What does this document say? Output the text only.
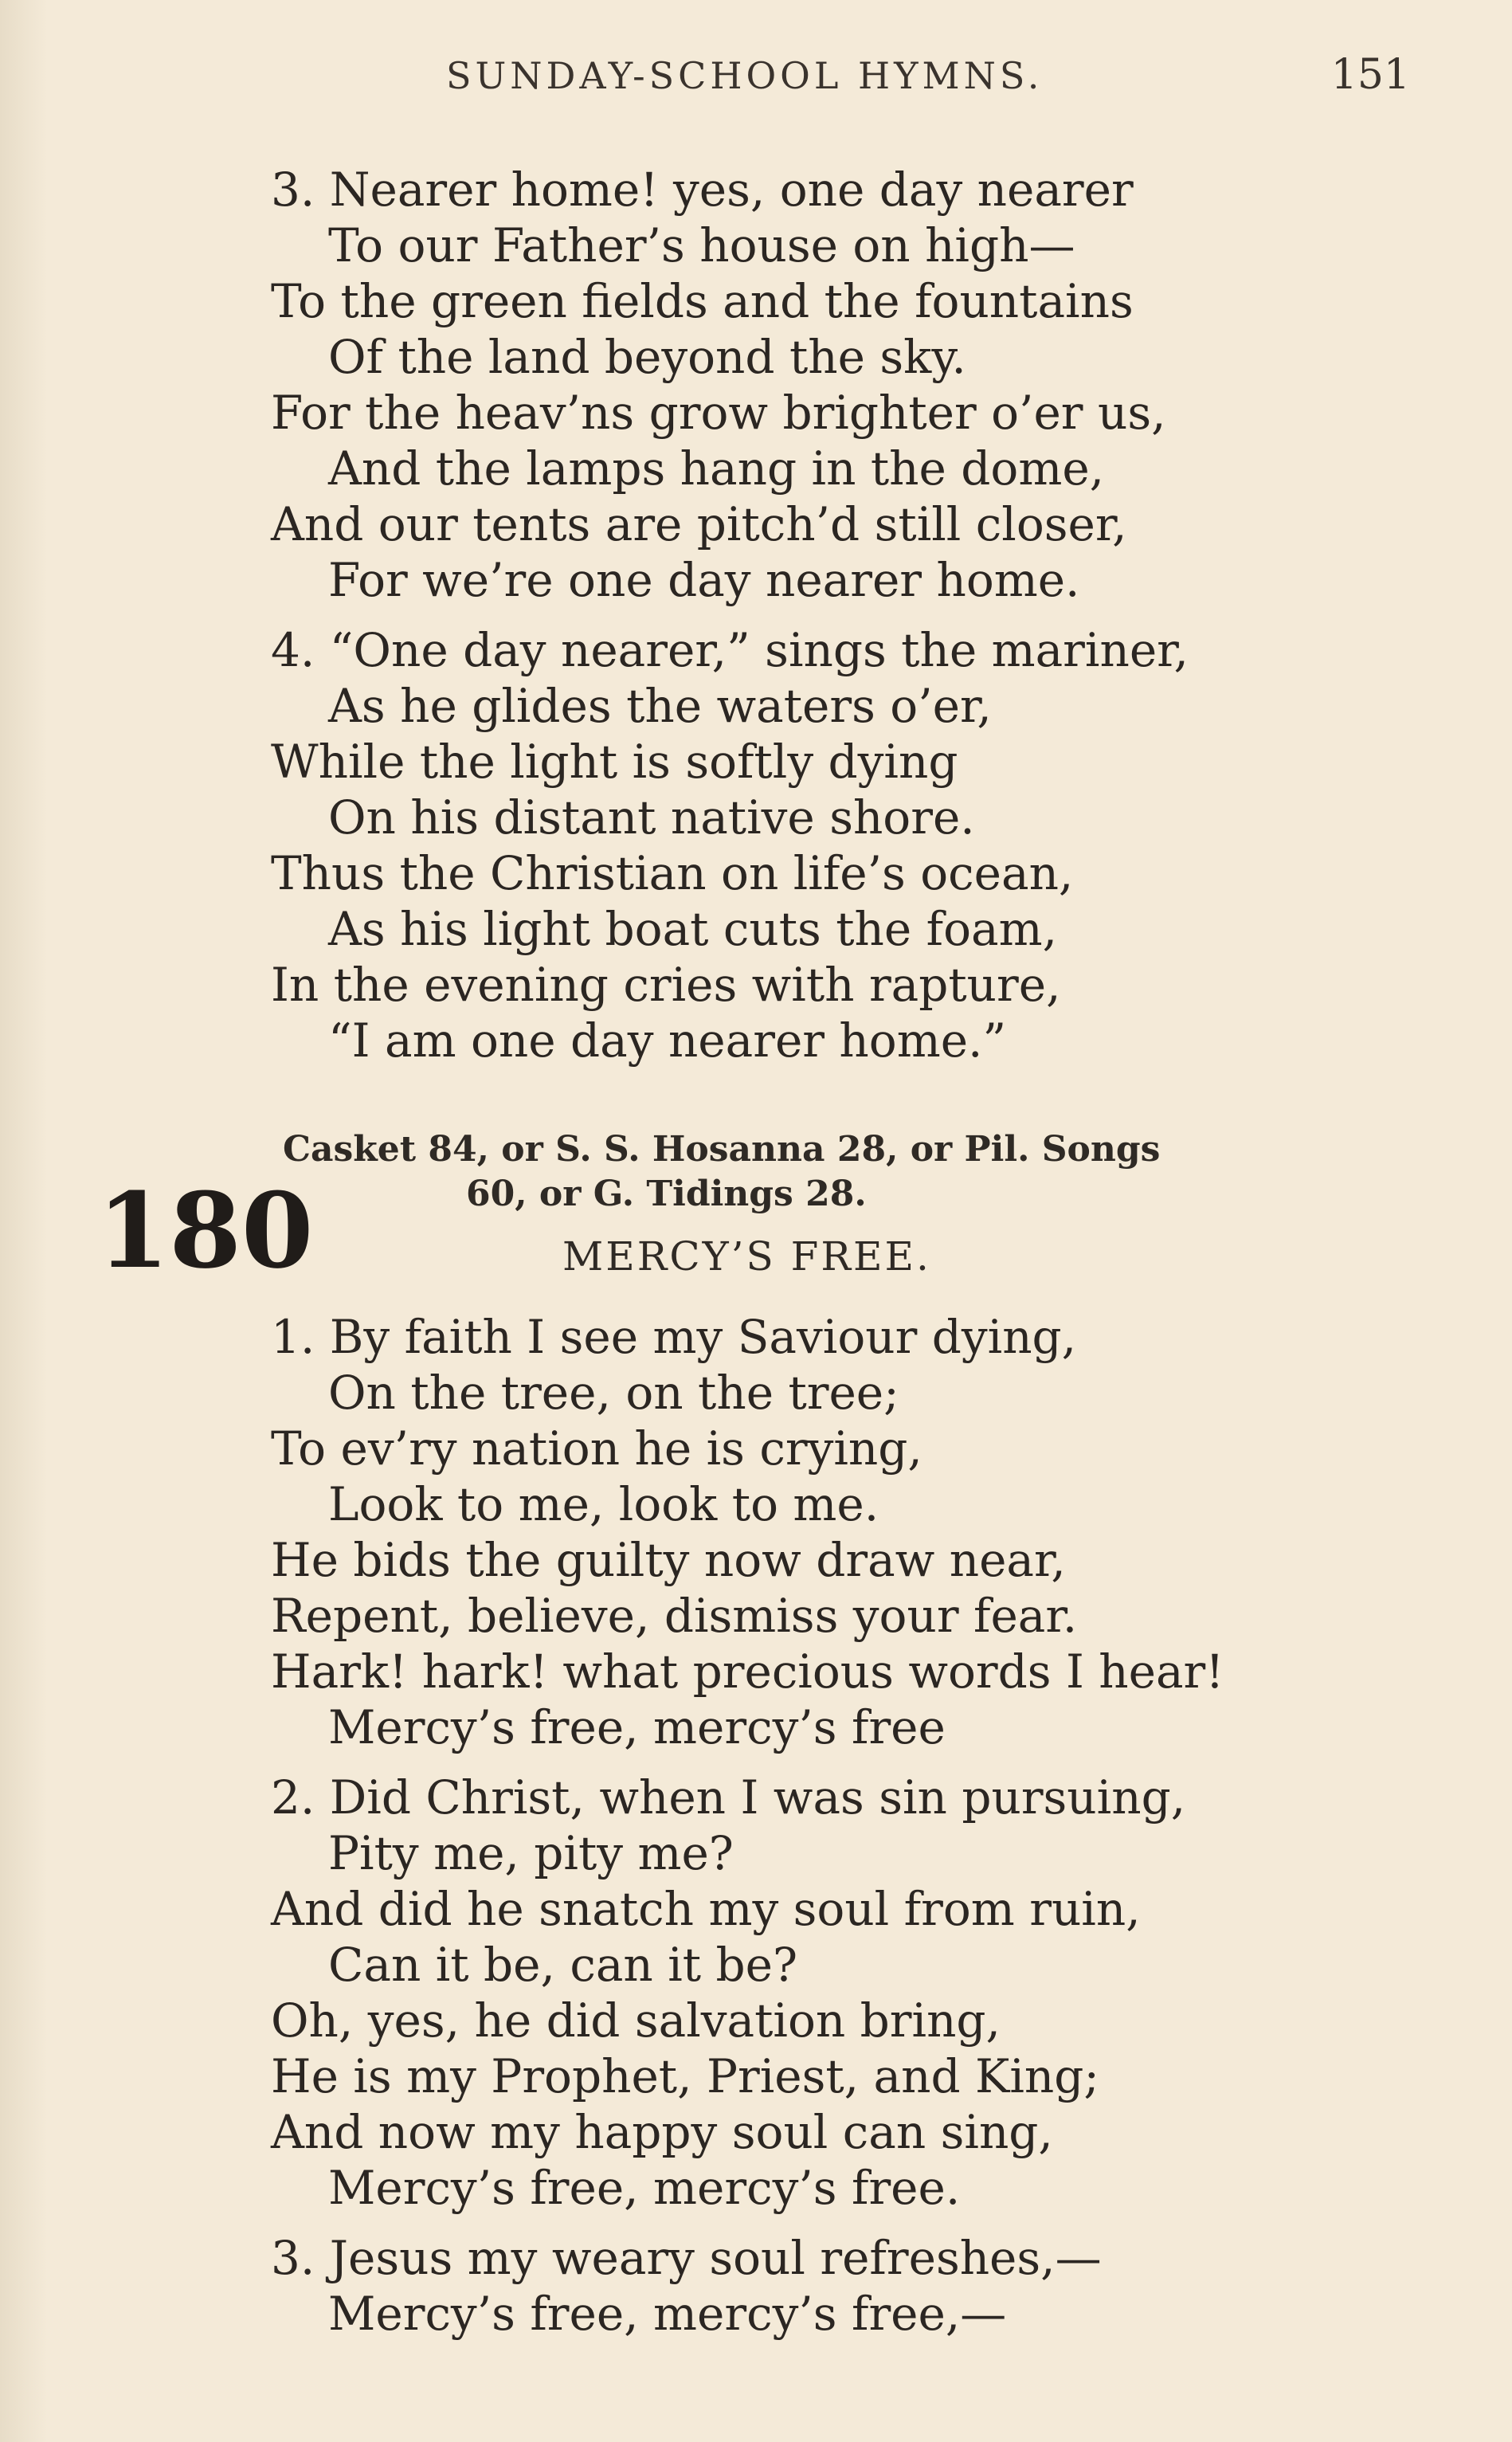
SUNDAY-SCHOOL HYMNS.	151
3. Nearer home! yes, one day nearer
To our Father’s house on high—
To the green fields and the fountains
Of the land beyond the sky.
For the heav’ns grow brighter o’er us,
And the lamps hang in the dome,
And our tents are pitch’d still closer,
For we’re one day nearer home.
4. “One day nearer,” sings the mariner,
As he glides the waters o’er,
While the light is softly dying
On his distant native shore.
Thus the Christian on life’s ocean,
As his light boat cuts the foam,
In the evening cries with rapture,
“I am one day nearer home.”
Casket 84, or S. S. Hosanna 28, or Pil. Songs
60, or G. Tidings 28.
180	MERCY’S FREE.
1. By faith I see my Saviour dying,
On the tree, on the tree;
To ev’ry nation he is crying,
Look to me, look to me.
He bids the guilty now draw near,
Repent, believe, dismiss your fear.
Hark! hark! what precious words I hear!
Mercy’s free, mercy’s free
2. Did Christ, when I was sin pursuing,
Pity me, pity me?
And did he snatch my soul from ruin,
Can it be, can it be?
Oh, yes, he did salvation bring,
He is my Prophet, Priest, and King;
And now my happy soul can sing,
Mercy’s free, mercy’s free.
3. Jesus my weary soul refreshes,—
Mercy’s free, mercy’s free,—
